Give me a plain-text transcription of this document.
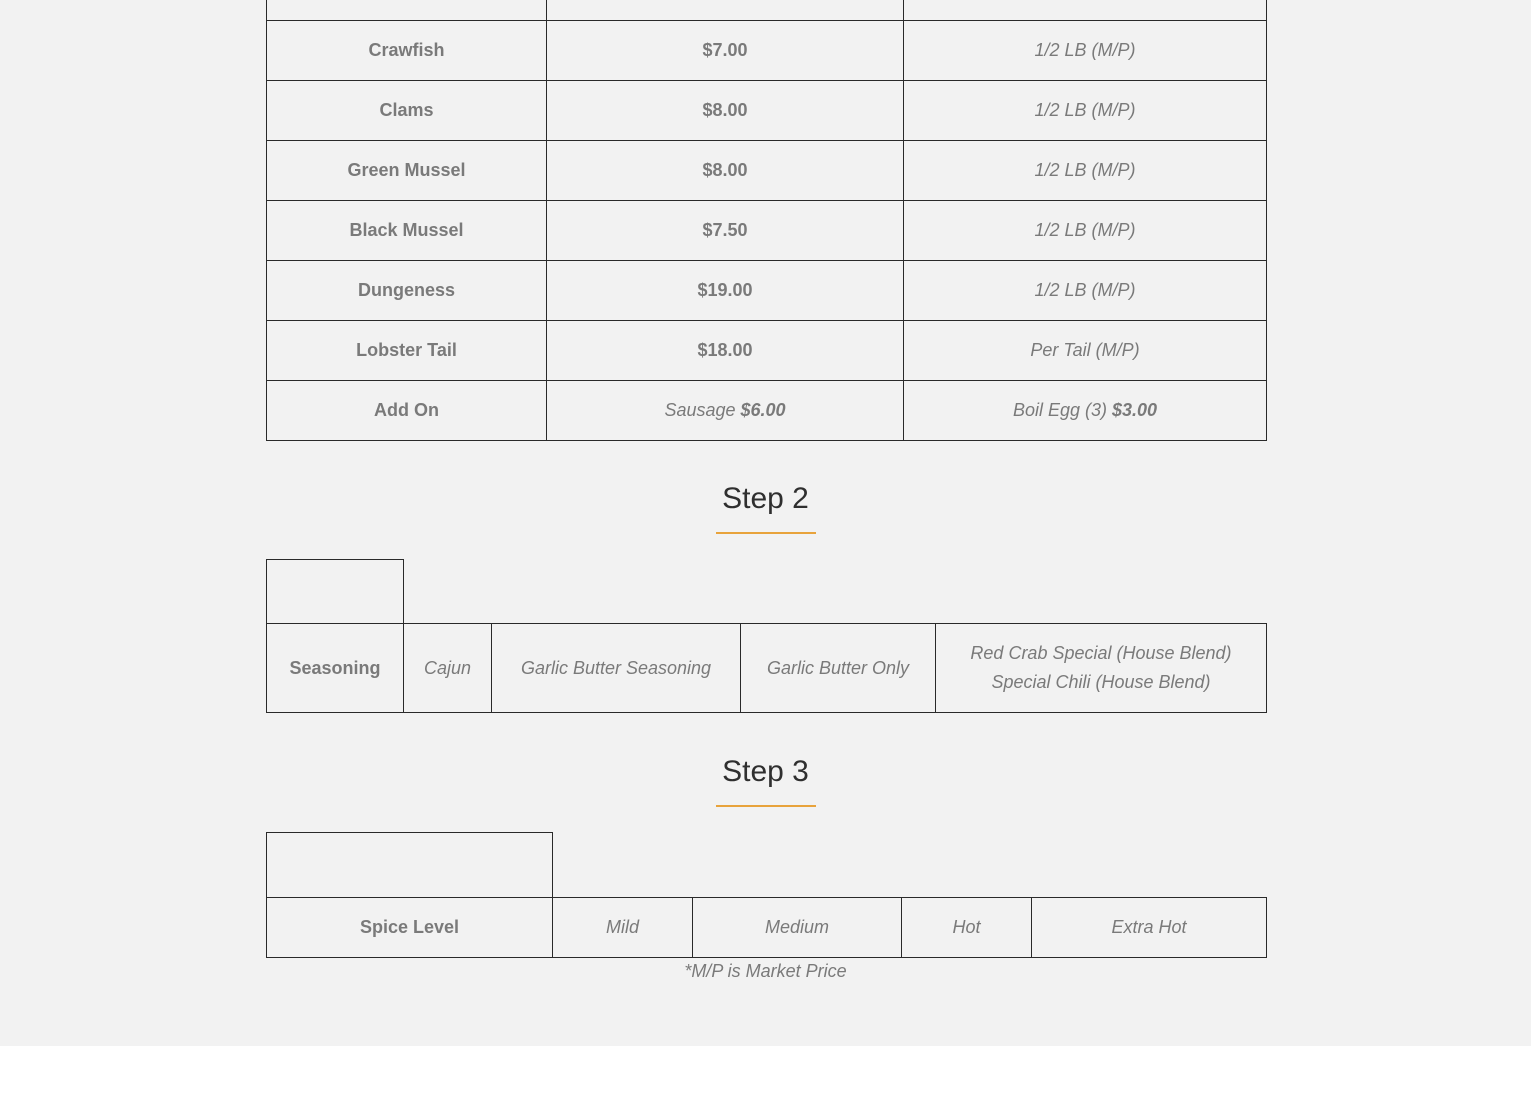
Crawfish	$7.00	1/2 LB (M/P)
Clams	$8.00	1/2 LB (M/P)
Green Mussel	$8.00	1/2 LB (M/P)
Black Mussel	$7.50	1/2 LB (M/P)
Dungeness	$19.00	1/2 LB (M/P)
Lobster Tail	$18.00	Per Tail (M/P)
Add On	Sausage $6.00	Boil Egg (3) $3.00
Step 2

Seasoning	Cajun	Garlic Butter Seasoning	Garlic Butter Only	Red Crab Special (House Blend)
Special Chili (House Blend)
Step 3

Spice Level	Mild	Medium	Hot	Extra Hot
*M/P is Market Price
